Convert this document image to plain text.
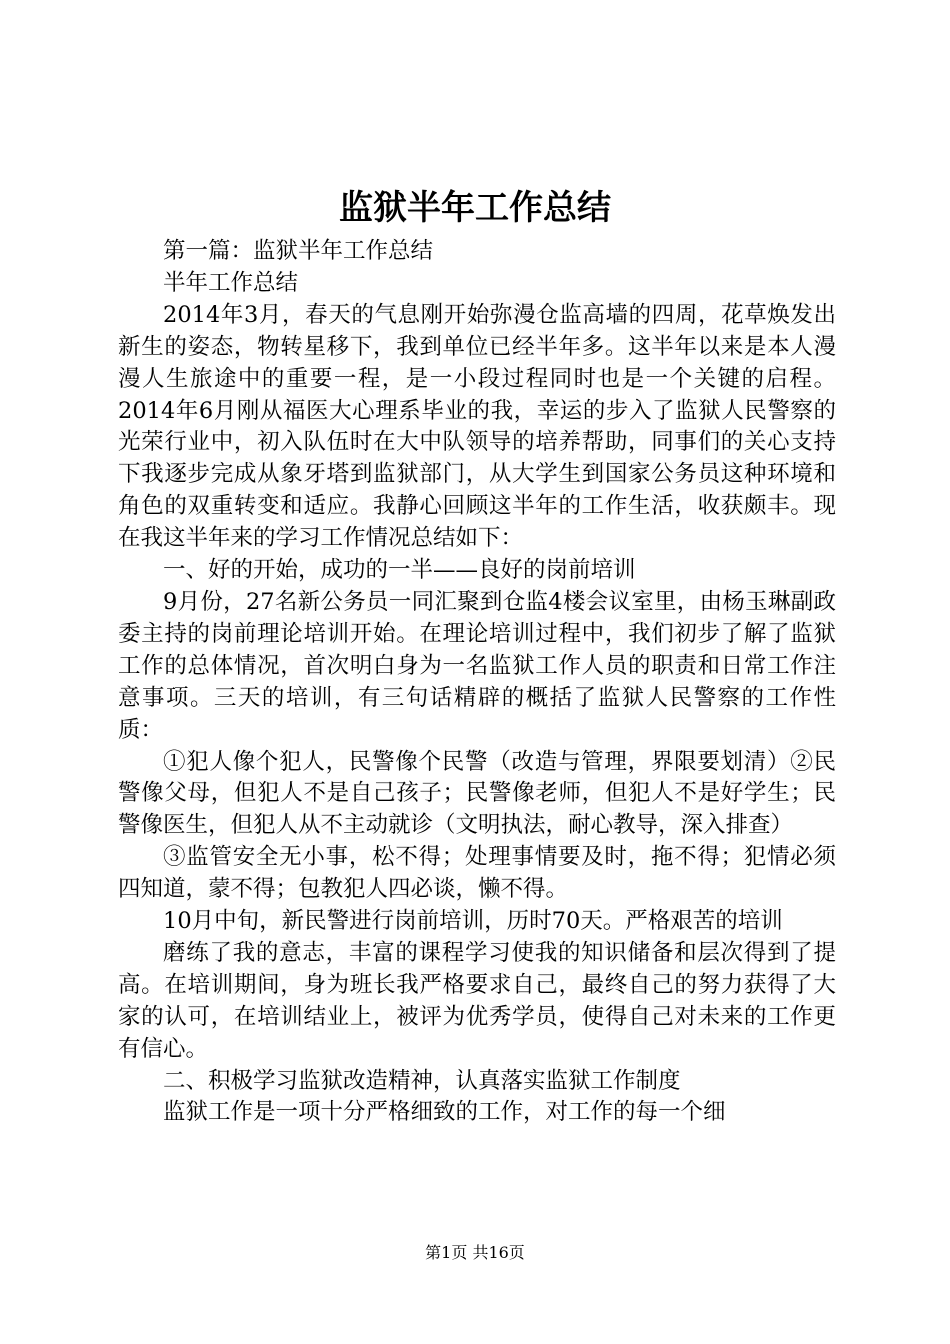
监狱半年工作总结

第一篇：监狱半年工作总结

半年工作总结

2014年3月，春天的气息刚开始弥漫仓监高墙的四周，花草焕发出新生的姿态，物转星移下，我到单位已经半年多。这半年以来是本人漫漫人生旅途中的重要一程，是一小段过程同时也是一个关键的启程。2014年6月刚从福医大心理系毕业的我，幸运的步入了监狱人民警察的光荣行业中，初入队伍时在大中队领导的培养帮助，同事们的关心支持下我逐步完成从象牙塔到监狱部门，从大学生到国家公务员这种环境和角色的双重转变和适应。我静心回顾这半年的工作生活，收获颇丰。现在我这半年来的学习工作情况总结如下：

一、好的开始，成功的一半——良好的岗前培训

9月份，27名新公务员一同汇聚到仓监4楼会议室里，由杨玉琳副政委主持的岗前理论培训开始。在理论培训过程中，我们初步了解了监狱工作的总体情况，首次明白身为一名监狱工作人员的职责和日常工作注意事项。三天的培训，有三句话精辟的概括了监狱人民警察的工作性质：

①犯人像个犯人，民警像个民警（改造与管理，界限要划清）②民警像父母，但犯人不是自己孩子；民警像老师，但犯人不是好学生；民警像医生，但犯人从不主动就诊（文明执法，耐心教导，深入排查）

③监管安全无小事，松不得；处理事情要及时，拖不得；犯情必须四知道，蒙不得；包教犯人四必谈，懒不得。

10月中旬，新民警进行岗前培训，历时70天。严格艰苦的培训

磨练了我的意志，丰富的课程学习使我的知识储备和层次得到了提高。在培训期间，身为班长我严格要求自己，最终自己的努力获得了大家的认可，在培训结业上，被评为优秀学员，使得自己对未来的工作更有信心。

二、积极学习监狱改造精神，认真落实监狱工作制度

监狱工作是一项十分严格细致的工作，对工作的每一个细

第1页 共16页
